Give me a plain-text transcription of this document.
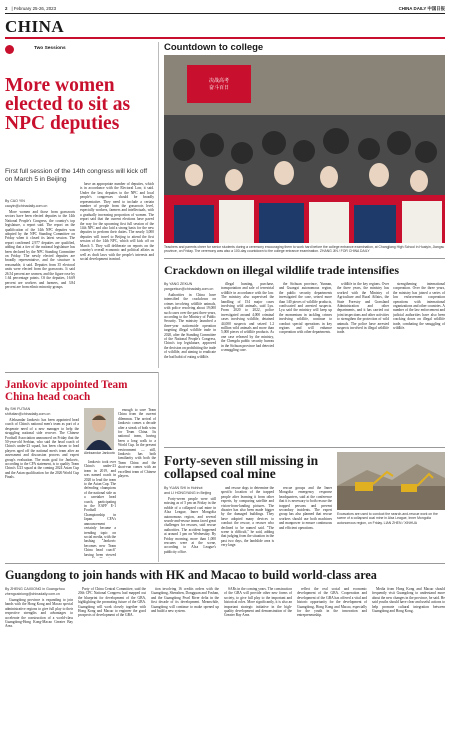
2 | February 25-26, 2023	CHINA DAILY 中国日报
CHINA
Two Sessions
More women elected to sit as NPC deputies
First full session of the 14th congress will kick off on March 5 in Beijing
By CAO YIN
caoyin@chinadaily.com.cn

More women and those from grassroots sectors have been elected deputies to the 14th National People's Congress, the country's top legislature, a report said. The report on the qualification of the 14th NPC deputies was adopted by the NPC Standing Committee on Friday when it closed its latest session. The report confirmed 2,977 deputies are qualified, adding that a tier of the national legislature has been declared by the NPC Standing Committee on Friday. The newly elected deputies are broadly representative, and the structure is reasonable, it said. Deputies from 35 electoral units were elected from the grassroots. It said 26.54 percent are women, and the figure rose by 1.64 percentage points. Of the deputies, 16.69 percent are workers and farmers, and 3.84 percent are from ethnic minority groups.

have an appropriate number of deputies, which is in accordance with the Electoral Law, it said. Under the law, deputies to the NPC and local people's congresses should be broadly representative. They need to include a certain number of people from the grassroots level, especially workers, farmers and intellectuals, with a gradually increasing proportion of women. The report said that the current elections have paved the way for the upcoming first full session of the 14th NPC and also laid a strong basis for the new deputies to perform their duties. The nearly 3,000 deputies will travel to Beijing to attend the first session of the 14th NPC, which will kick off on March 5. They will deliberate on reports on the country's overall economic and political affairs as well as draft laws with the people's interests and social development in mind.

Countdown to college
决战高考
奋斗百日
Teachers and parents cheer for senior students during a ceremony encouraging them to work hard before the college entrance examination, at Changjiang High School in Huaiyin, Jiangsu province, on Friday. The ceremony was also a 100-day countdown to the college entrance examination. ZHANG JIN / FOR CHINA DAILY
Crackdown on illegal wildlife trade intensifies
By YANG ZEKUN
yangzekun@chinadaily.com.cn

Authorities in China have intensified the crackdown on crimes involving wildlife animals, with police resolving about 19,000 such cases over the past three years, according to the Ministry of Public Security. The ministry launched a three-year nationwide operation targeting illegal wildlife trade in 2020, after the Standing Committee of the National People's Congress, China's top legislature, approved the decision on prohibiting the trade of wildlife, and aiming to eradicate the bad habit of eating wildlife.

illegal hunting, purchase, transportation and sale of terrestrial wildlife in accordance with the law. The ministry also supervised the handling of 154 major cases involving wild animals, said Lyu. From 2020 to 2022, police investigated around 4,000 criminal cases involving wildlife, detained 44,000 suspects and seized 1.2 million wild animals and more than 5,000 pieces of wildlife products. As one case released by the ministry, the Chengdu public security bureau in the Sichuan province had detected a smuggling case.

the Sichuan province, Yunnan, and Guangxi autonomous region, the public security departments investigated the case, seized more than 140 pieces of wildlife products, confiscated and arrested suspects. Lyu said the ministry will keep up the momentum in tackling crimes involving wildlife, continue to conduct special operations in key regions and will enhance cooperation with other departments.

wildlife in the key regions. Over the three years, the ministry has worked with the Ministry of Agriculture and Rural Affairs, the State Forestry and Grassland Administration and other departments, and it has carried out joint inspections and other activities to strengthen the protection of wild animals. The police have arrested suspects involved in illegal wildlife trade.

strengthening international cooperation. Over the three years, the ministry has joined a series of law enforcement cooperation operations with international organizations and other countries. A number of the law enforcement and judicial authorities have also been cracking down on illegal wildlife trade, combating the smuggling of wildlife.

Jankovic appointed Team China head coach
By SHI FUTIAN
shifutian@chinadaily.com.cn

Aleksandar Jankovic has been appointed head coach of China's national men's team as part of a desperate need of a new manager to help the struggling national side recover. The Chinese Football Association announced on Friday that the 50-year-old Serbian, who said the head coach of China's under-23 squad, has been chosen to lead players aged off the national men's team after an assessment and discussion process and expert group's evaluation. The main goal for Jankovic, according to the CFA statement, is to qualify Team China's U23 squad at the coming 2024 Asian Cup and the Asian qualification for the 2026 World Cup Finals.

Aleksandar Jankovic

enough to save Team China from the current dilemmas. The arrival of Jankovic comes a decade after a streak of both wins for Team China. Its national team, having been a long walk to a World Cup. In the present environment — still, Jankovic has both familiarity with both the Team China and the short-run comes with an excellent team of Chinese players.

Jankovic took over China's under-23 team in 2019, and was named coach in 2020 to lead the team to the Asian Cup. The defending champions of the national side as a caretaker head coach, participating in the EAFF E-1 Football Championship in Japan. CFA's announcement certainly became a trending topic on social media, with the hashtag "Jankovic becomes new Team China head coach" having been viewed

Forty-seven still missing in collapsed coal mine
By YUAN SHI in Hohhot
and LI HONGYANG in Beijing

Forty-seven people were still missing as of 5 pm on Friday in the rubble of a collapsed coal mine in Alxa League, Inner Mongolia autonomous region, and several search-and-rescue teams faced great challenges for rescues, said rescue authorities. The accident happened at around 1 pm on Wednesday. By Friday morning, more than 1,000 rescuers were at the scene, according to Alxa League's publicity office.

and rescue dogs to determine the specific location of the trapped people after learning it from other experts, by comparing satellite and vision-from-landing pictures. The disaster has also been made bigger by the damaged buildings. They have adopted many devices to conduct the rescue, a rescuer who declined to be named said. "The scene is difficult," he said, adding that judging from the situation in the past two days, the landslide area is very large.

Excavators are used to conduct the search-and-rescue work on the scene of a collapsed coal mine in Alxa League, Inner Mongolia autonomous region, on Friday. LIAN ZHEN / XINHUA

rescue groups and the Inner Mongolia emergency response headquarters, said at the conference that it is necessary to both rescue the trapped persons and prevent secondary incidents. The expert group has also planned that rescue workers should use both machines and manpower to ensure continuous and efficient operations.

Guangdong to join hands with HK and Macao to build world-class area
By ZHENG CAIXIONG in Guangzhou
zhengcaixiong@chinadaily.com.cn

Guangdong province is expanding to join hands with the Hong Kong and Macao special administrative regions to give full play to their respective strengths and advantages to accelerate the construction of a world-class Guangdong-Hong Kong-Macao Greater Bay Area.

Party of China Central Committee, said the 20th CPC National Congress had mapped out the blueprint for development of the GBA, highlighting the promoting future of the GBA. Guangdong will work closely together with Hong Kong and Macao to engineer the good prospects of development of the GBA.

tion involving 16 credits orders with the Guangdong, Shenzhen, Dongguan and Foshan, and the Guangdong Pearl River delta in the first decade of its development. Meanwhile, Guangdong will continue to make opened up and build a new system.

SARs in the coming years. The construction of the GBA will provide other new forms of society, to give full play to the important and historical roles. More significantly, it is also an important strategic initiative in the high-quality development and demonstration of the Greater Bay Area.

reflect the real social and economic development of the GBA. Cooperation and development of the GBA has offered a vital and historic opportunity for the development of Guangdong, Hong Kong and Macao, especially for the youth in the innovation and entrepreneurship.

Media from Hong Kong and Macao should frequently visit Guangdong to understand more about the new changes in the province, he said. He said youths should have clear and useful actions to help promote cultural integration between Guangdong and Hong Kong.
